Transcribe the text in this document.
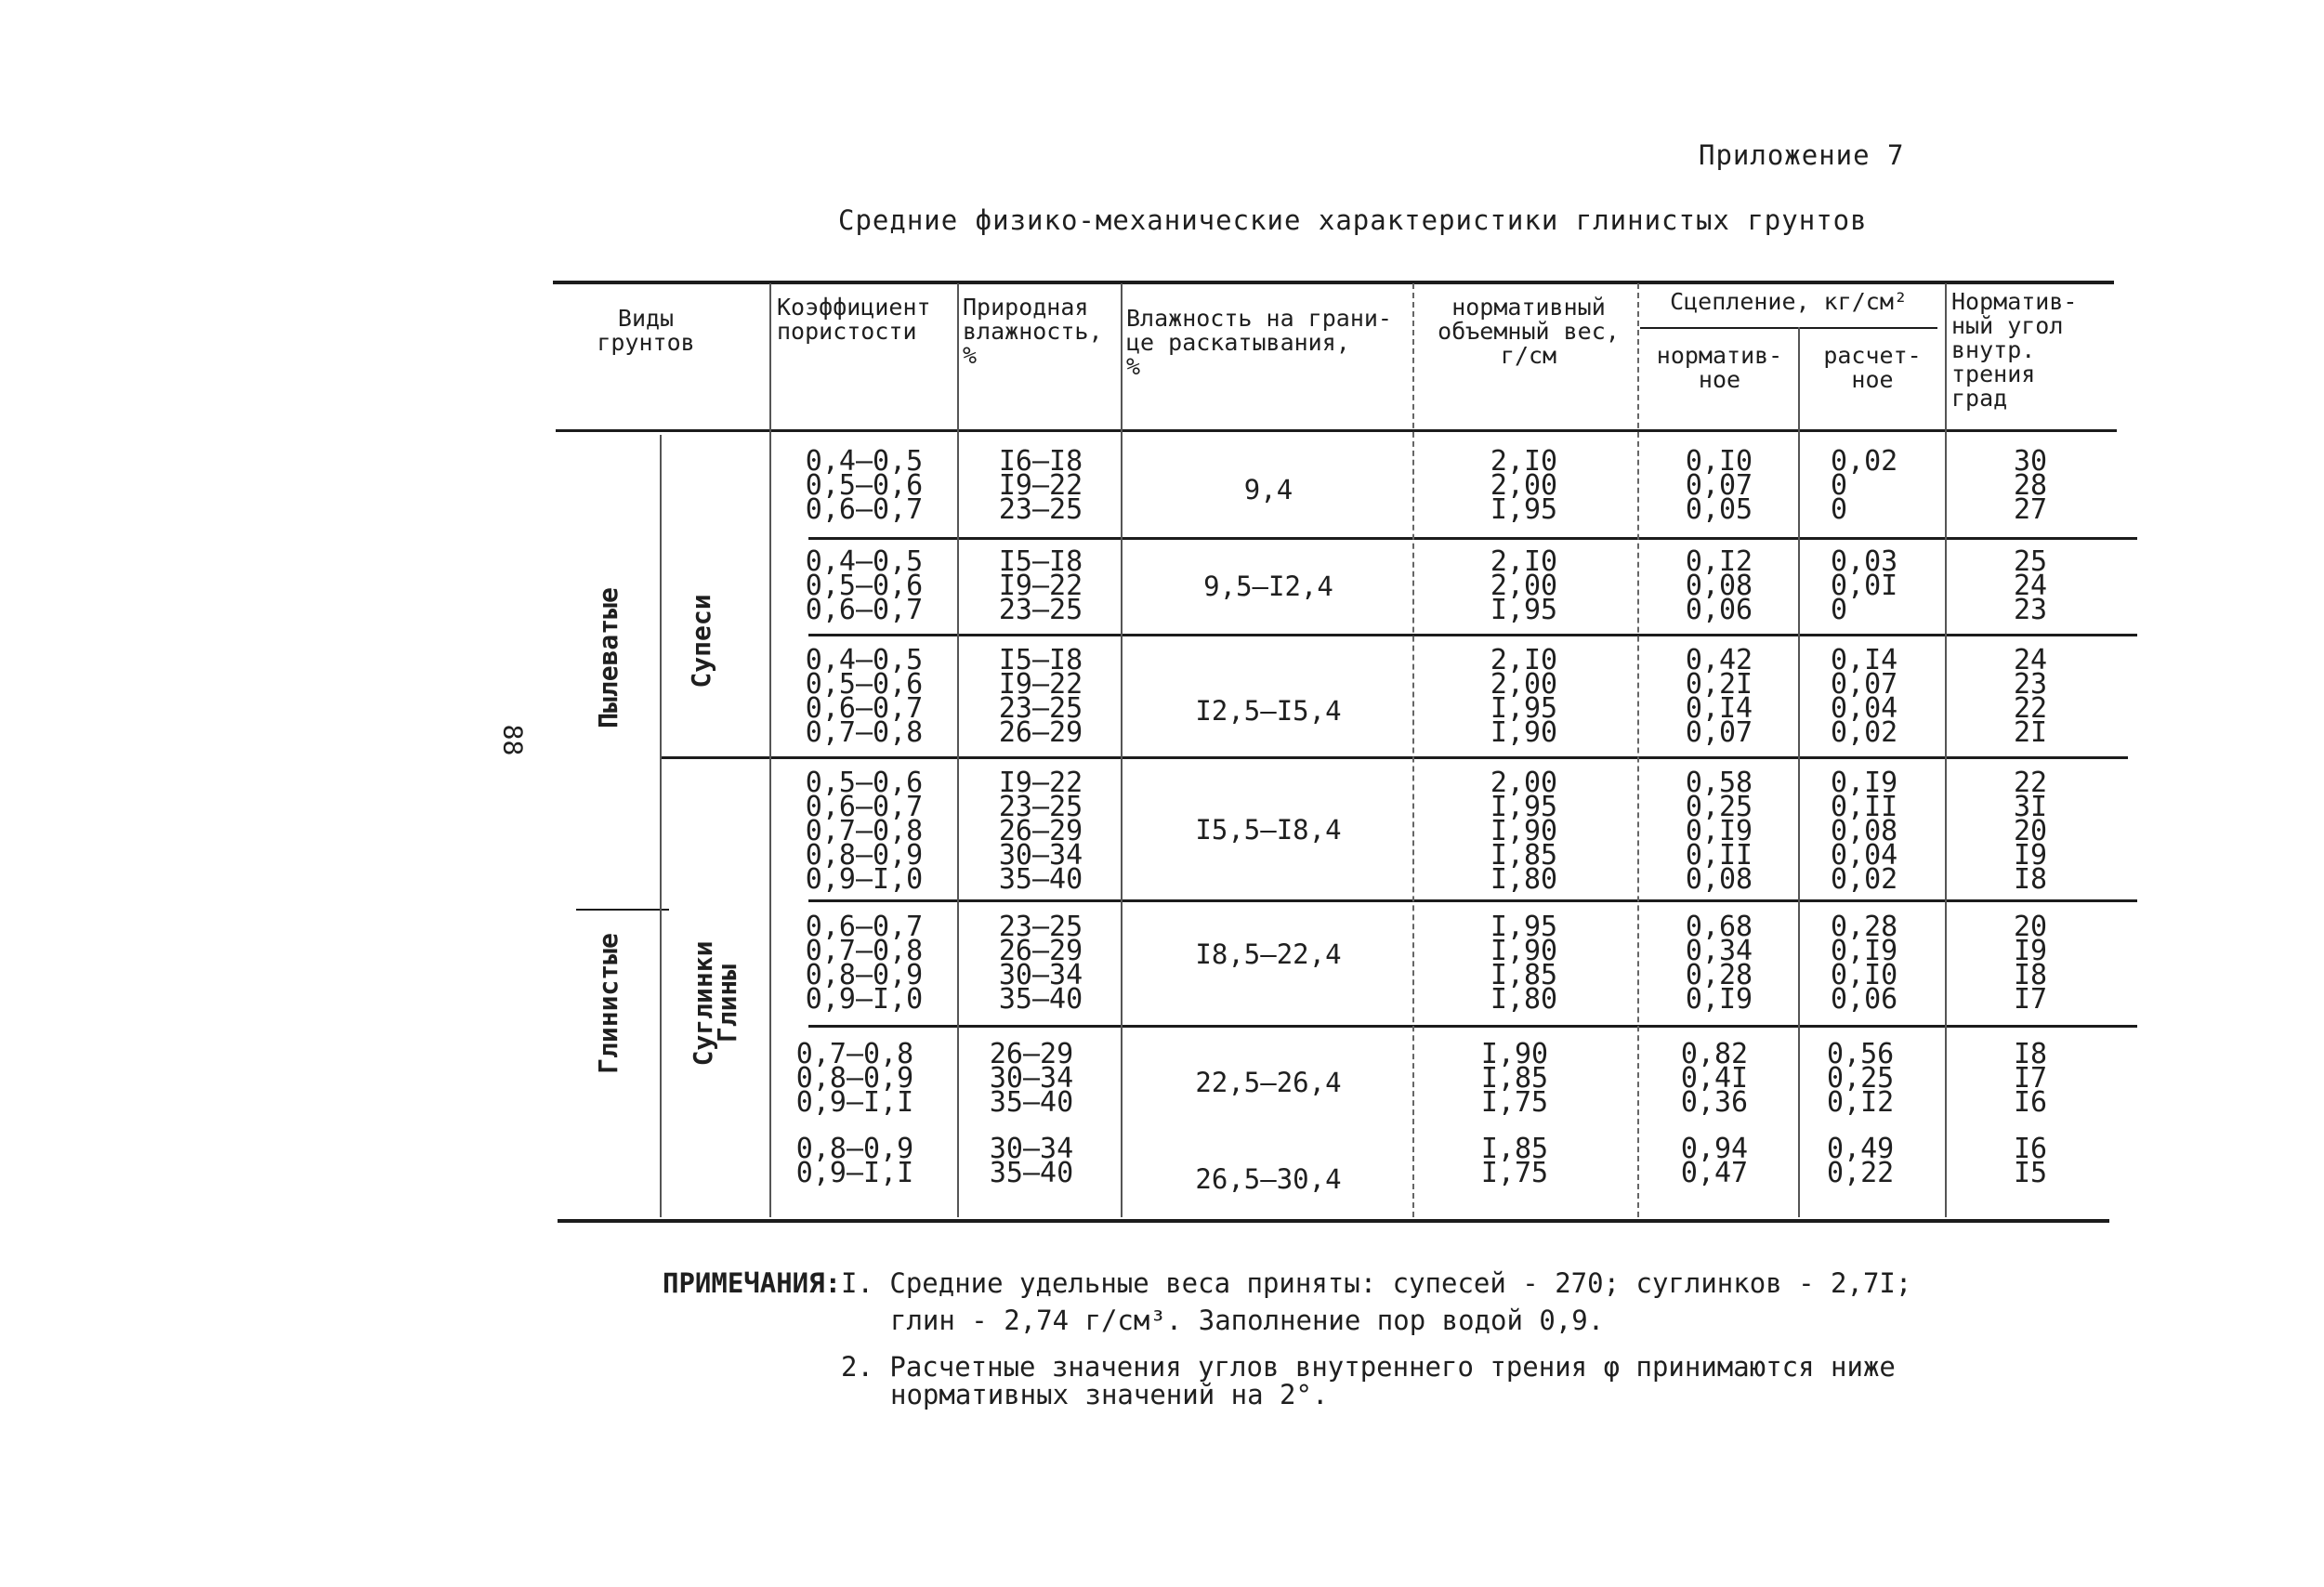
Приложение 7
Средние физико-механические характеристики глинистых грунтов
88
Виды
грунтов
Коэффициент
пористости
Природная
влажность,
%
Влажность на грани-
це раскатывания,
%
нормативный
объемный вес,
г/см
Сцепление, кг/см²
норматив-
ное
расчет-
ное
Норматив-
ный угол
внутр.
трения
град
Пылеватые
Глинистые
Супеси
Суглинки
Глины
0,4–0,5
0,5–0,6
0,6–0,7
I6–I8
I9–22
23–25
9,4
2,I0
2,00
I,95
0,I0
0,07
0,05
0,02
0
0
30
28
27
0,4–0,5
0,5–0,6
0,6–0,7
I5–I8
I9–22
23–25
9,5–I2,4
2,I0
2,00
I,95
0,I2
0,08
0,06
0,03
0,0I
0
25
24
23
0,4–0,5
0,5–0,6
0,6–0,7
0,7–0,8
I5–I8
I9–22
23–25
26–29
I2,5–I5,4
2,I0
2,00
I,95
I,90
0,42
0,2I
0,I4
0,07
0,I4
0,07
0,04
0,02
24
23
22
2I
0,5–0,6
0,6–0,7
0,7–0,8
0,8–0,9
0,9–I,0
I9–22
23–25
26–29
30–34
35–40
I5,5–I8,4
2,00
I,95
I,90
I,85
I,80
0,58
0,25
0,I9
0,II
0,08
0,I9
0,II
0,08
0,04
0,02
22
3I
20
I9
I8
0,6–0,7
0,7–0,8
0,8–0,9
0,9–I,0
23–25
26–29
30–34
35–40
I8,5–22,4
I,95
I,90
I,85
I,80
0,68
0,34
0,28
0,I9
0,28
0,I9
0,I0
0,06
20
I9
I8
I7
0,7–0,8
0,8–0,9
0,9–I,I
26–29
30–34
35–40
22,5–26,4
I,90
I,85
I,75
0,82
0,4I
0,36
0,56
0,25
0,I2
I8
I7
I6
0,8–0,9
0,9–I,I
30–34
35–40	26,5–30,4
I,85
I,75
0,94
0,47
0,49
0,22
I6
I5
ПРИМЕЧАНИЯ: I. Средние удельные веса приняты: супесей - 270; суглинков - 2,7I;
глин - 2,74 г/см³. Заполнение пор водой 0,9.
2. Расчетные значения углов внутреннего трения φ принимаются ниже
нормативных значений на 2°.
